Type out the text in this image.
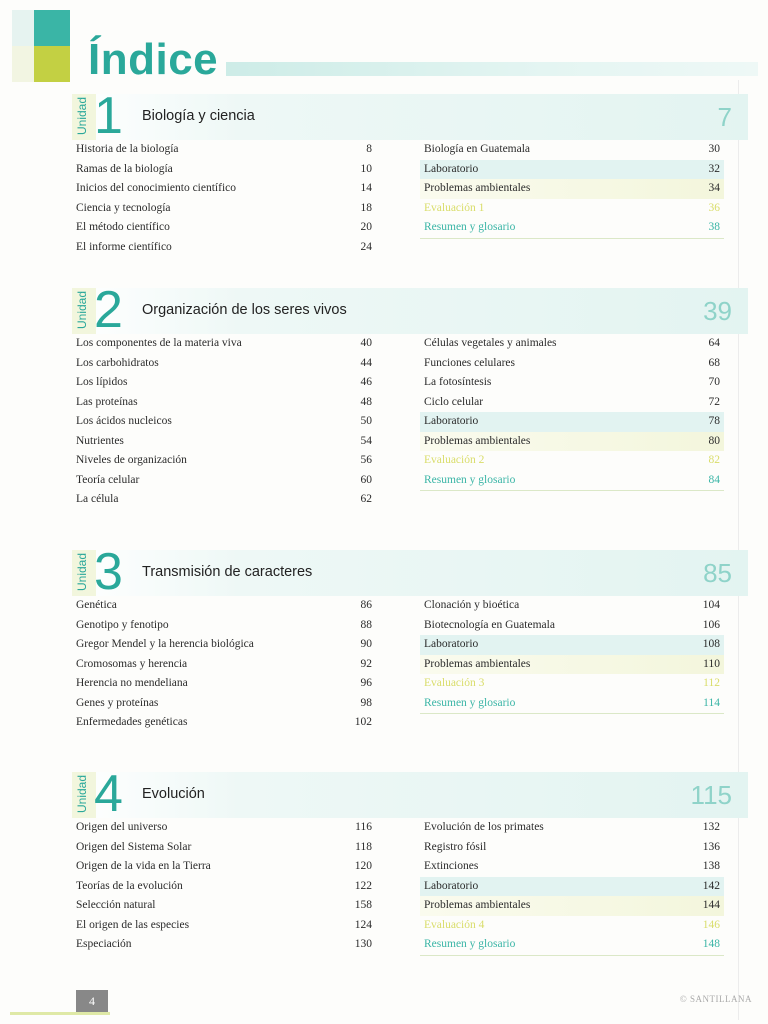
Índice
Unidad 1 Biología y ciencia	7
Historia de la biología	8
Ramas de la biología	10
Inicios del conocimiento científico	14
Ciencia y tecnología	18
El método científico	20
El informe científico	24
Biología en Guatemala	30
Laboratorio	32
Problemas ambientales	34
Evaluación 1	36
Resumen y glosario	38
Unidad 2 Organización de los seres vivos	39
Los componentes de la materia viva	40
Los carbohidratos	44
Los lípidos	46
Las proteínas	48
Los ácidos nucleicos	50
Nutrientes	54
Niveles de organización	56
Teoría celular	60
La célula	62
Células vegetales y animales	64
Funciones celulares	68
La fotosíntesis	70
Ciclo celular	72
Laboratorio	78
Problemas ambientales	80
Evaluación 2	82
Resumen y glosario	84
Unidad 3 Transmisión de caracteres	85
Genética	86
Genotipo y fenotipo	88
Gregor Mendel y la herencia biológica	90
Cromosomas y herencia	92
Herencia no mendeliana	96
Genes y proteínas	98
Enfermedades genéticas	102
Clonación y bioética	104
Biotecnología en Guatemala	106
Laboratorio	108
Problemas ambientales	110
Evaluación 3	112
Resumen y glosario	114
Unidad 4 Evolución	115
Origen del universo	116
Origen del Sistema Solar	118
Origen de la vida en la Tierra	120
Teorías de la evolución	122
Selección natural	158
El origen de las especies	124
Especiación	130
Evolución de los primates	132
Registro fósil	136
Extinciones	138
Laboratorio	142
Problemas ambientales	144
Evaluación 4	146
Resumen y glosario	148
4	© SANTILLANA
